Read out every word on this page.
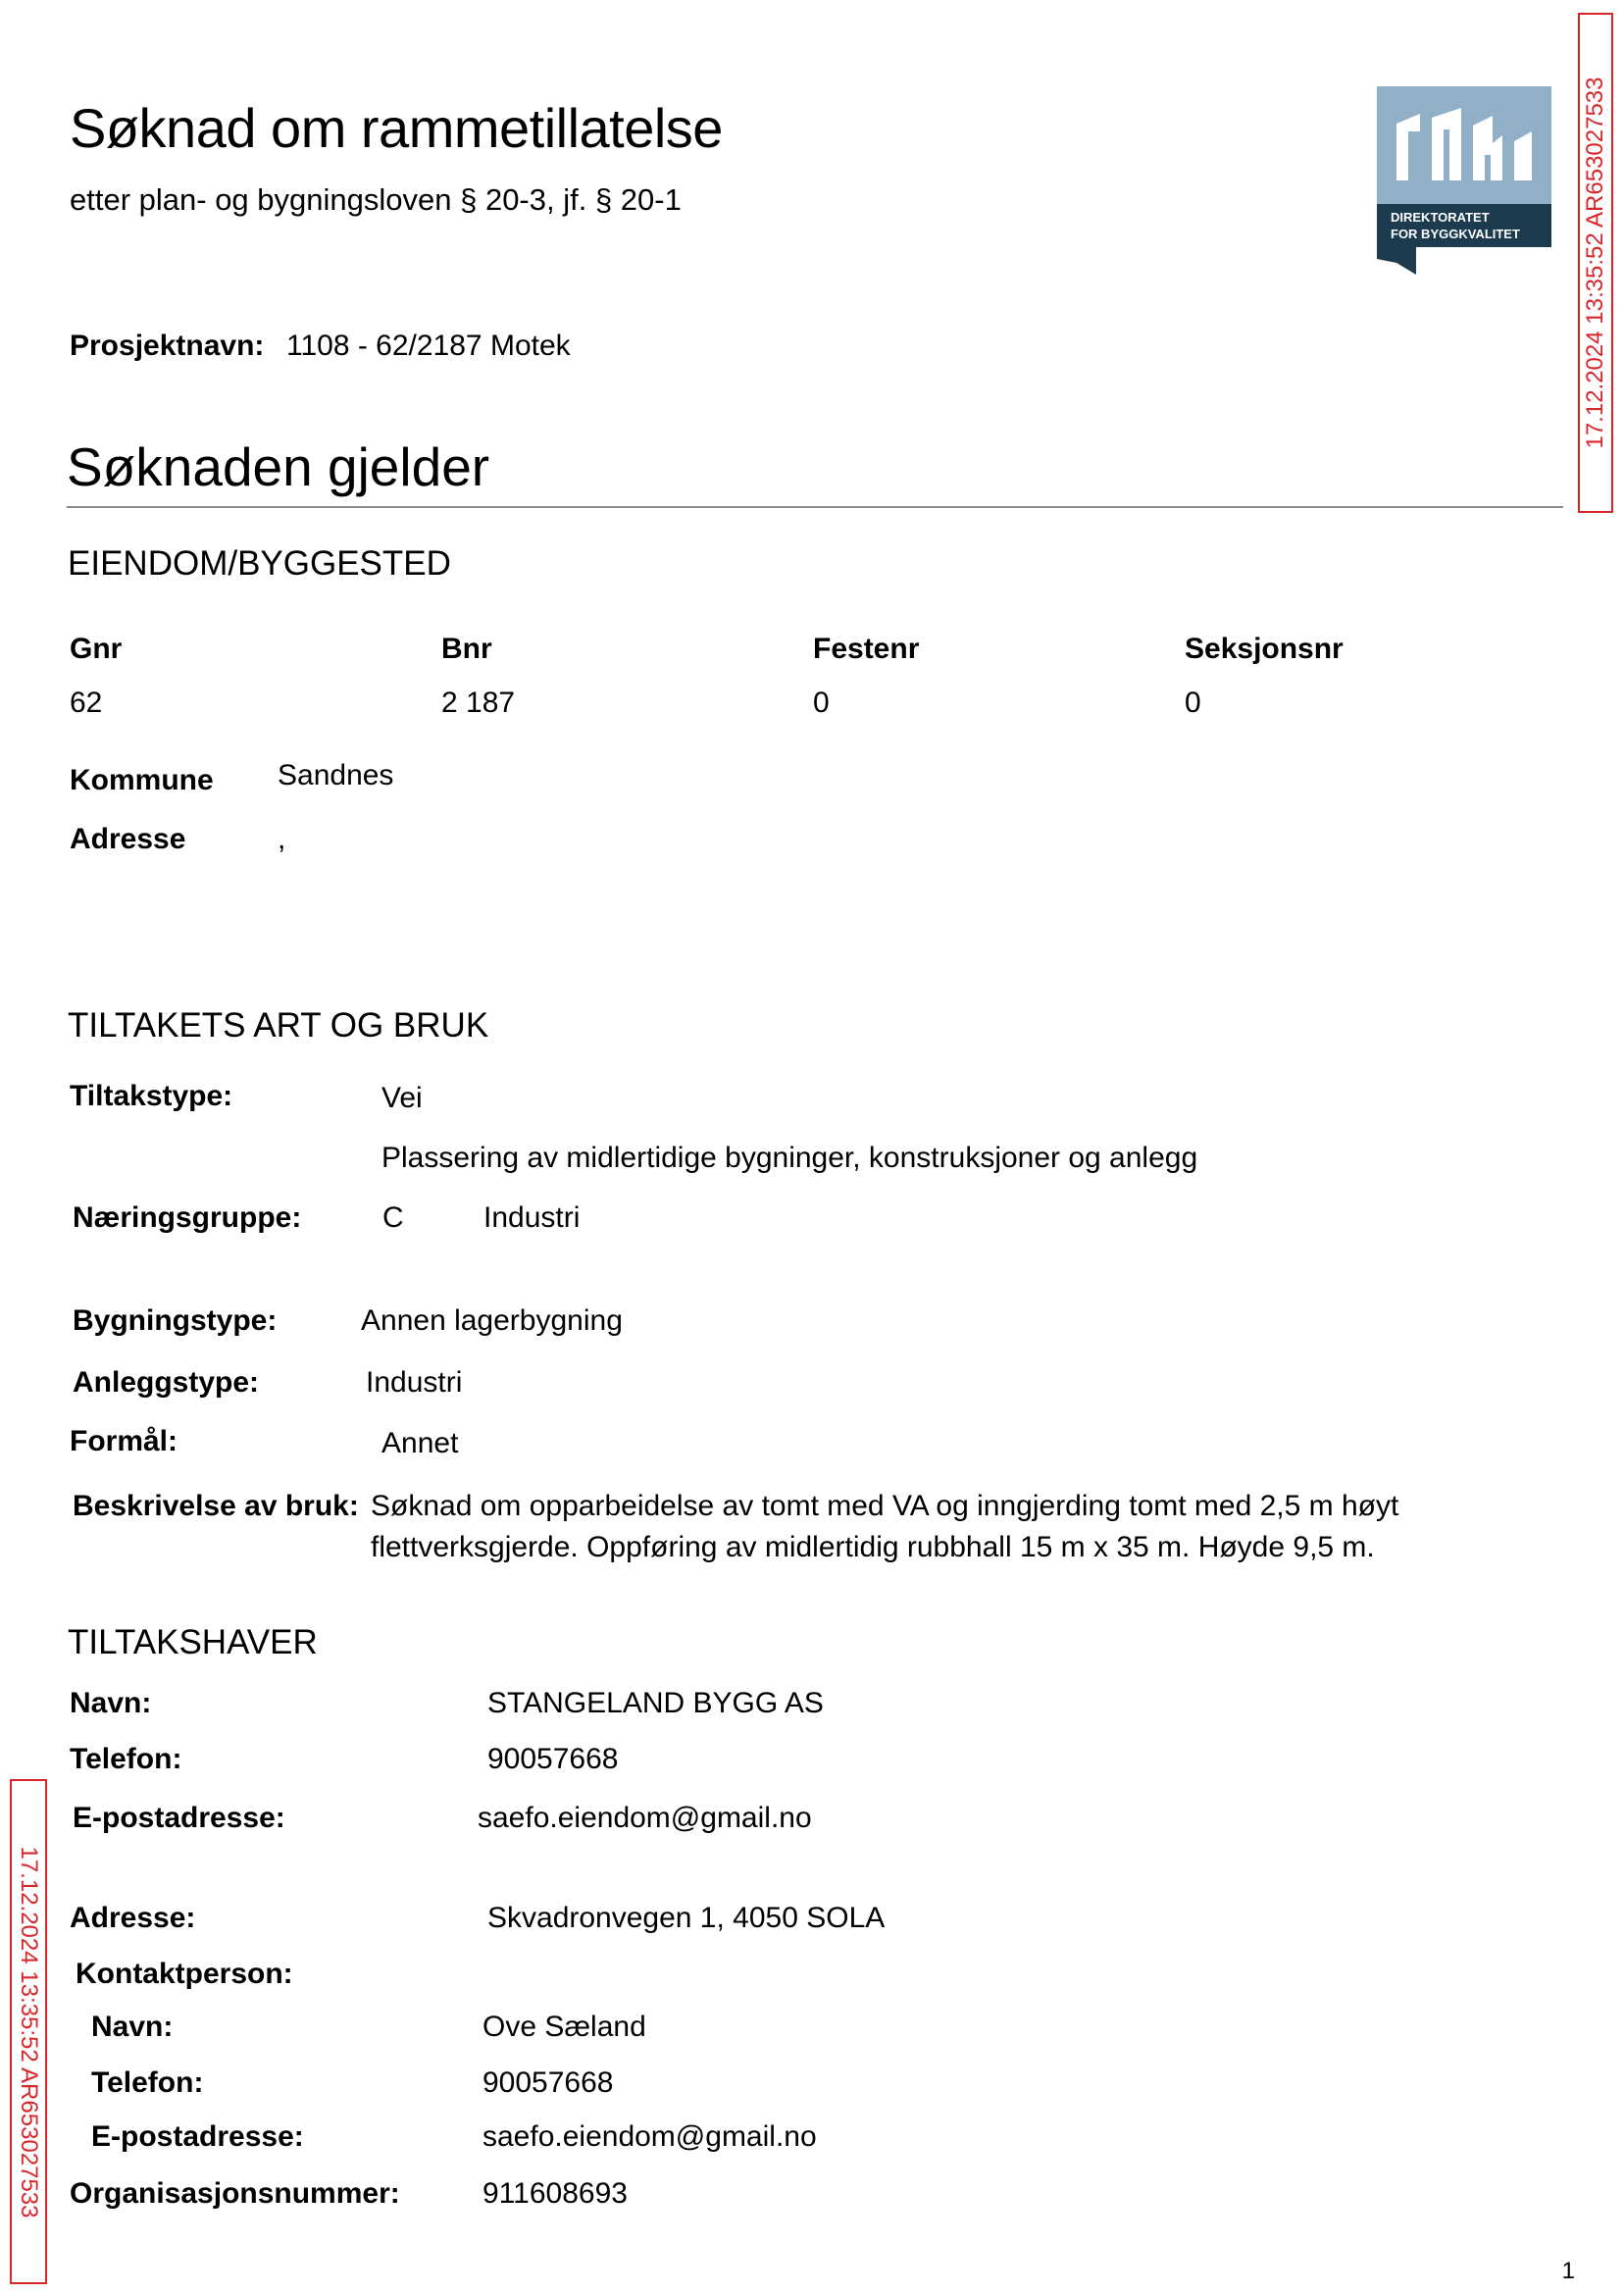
Søknad om rammetillatelse
etter plan- og bygningsloven § 20-3, jf. § 20-1
DIREKTORATET
FOR BYGGKVALITET	17.12.2024 13:35:52 AR653027533
17.12.2024 13:35:52 AR653027533
Prosjektnavn: 1108 - 62/2187 Motek
Søknaden gjelder
EIENDOM/BYGGESTED
Gnr	Bnr	Festenr	Seksjonsnr
62	2 187	0	0
Kommune Sandnes
Adresse	,
TILTAKETS ART OG BRUK
Tiltakstype:	Vei
Plassering av midlertidige bygninger, konstruksjoner og anlegg
Næringsgruppe:	C	Industri
Bygningstype:	Annen lagerbygning
Anleggstype:	Industri
Formål:	Annet
Beskrivelse av bruk: Søknad om opparbeidelse av tomt med VA og inngjerding tomt med 2,5 m høyt
flettverksgjerde. Oppføring av midlertidig rubbhall 15 m x 35 m. Høyde 9,5 m.
TILTAKSHAVER
Navn:	STANGELAND BYGG AS
Telefon:	90057668
E-postadresse:	saefo.eiendom@gmail.no
Adresse:	Skvadronvegen 1, 4050 SOLA
Kontaktperson:
Navn:	Ove Sæland
Telefon:	90057668
E-postadresse:	saefo.eiendom@gmail.no
Organisasjonsnummer:	911608693
1
